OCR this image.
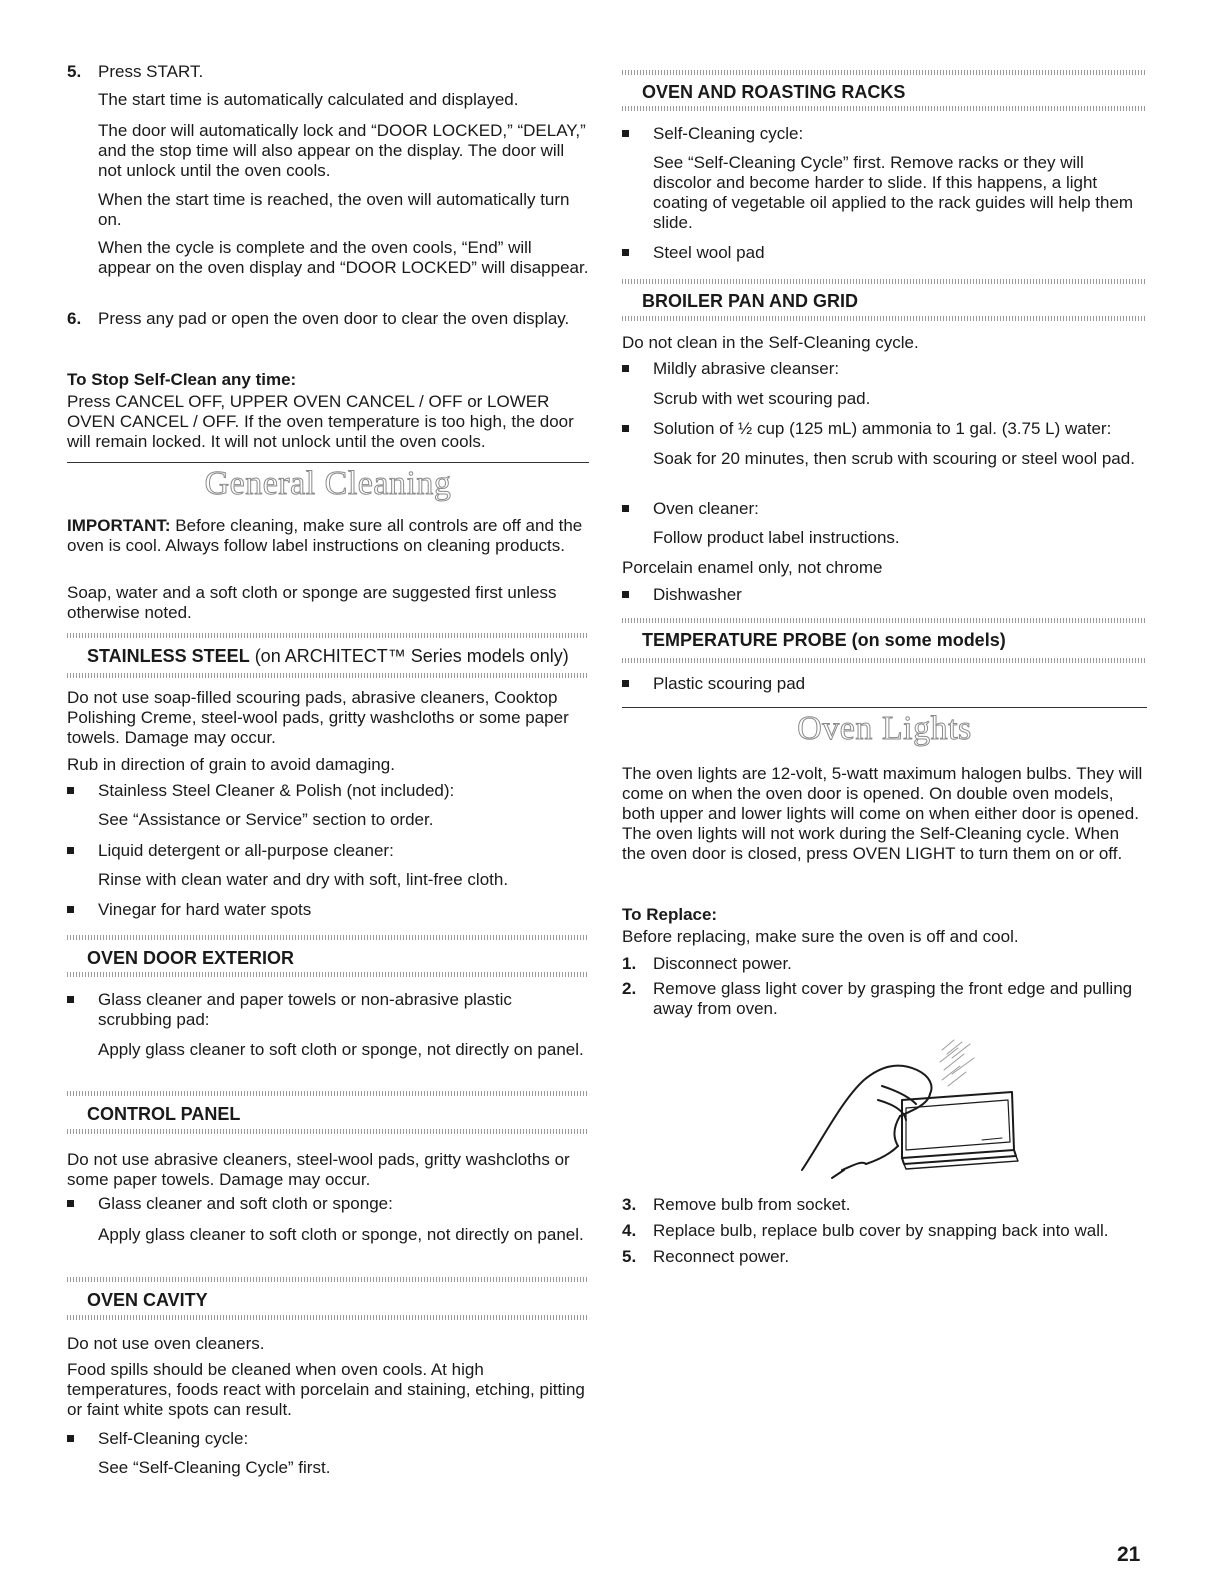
5. Press START.

The start time is automatically calculated and displayed.

The door will automatically lock and “DOOR LOCKED,” “DELAY,” and the stop time will also appear on the display. The door will not unlock until the oven cools.

When the start time is reached, the oven will automatically turn on.

When the cycle is complete and the oven cools, “End” will appear on the oven display and “DOOR LOCKED” will disappear.

6. Press any pad or open the oven door to clear the oven display.

To Stop Self-Clean any time:

Press CANCEL OFF, UPPER OVEN CANCEL / OFF or LOWER OVEN CANCEL / OFF. If the oven temperature is too high, the door will remain locked. It will not unlock until the oven cools.

General Cleaning

IMPORTANT: Before cleaning, make sure all controls are off and the oven is cool. Always follow label instructions on cleaning products.

Soap, water and a soft cloth or sponge are suggested first unless otherwise noted.

STAINLESS STEEL (on ARCHITECT™ Series models only)

Do not use soap-filled scouring pads, abrasive cleaners, Cooktop Polishing Creme, steel-wool pads, gritty washcloths or some paper towels. Damage may occur.

Rub in direction of grain to avoid damaging.

Stainless Steel Cleaner & Polish (not included):

See “Assistance or Service” section to order.

Liquid detergent or all-purpose cleaner:

Rinse with clean water and dry with soft, lint-free cloth.

Vinegar for hard water spots

OVEN DOOR EXTERIOR

Glass cleaner and paper towels or non-abrasive plastic scrubbing pad:

Apply glass cleaner to soft cloth or sponge, not directly on panel.

CONTROL PANEL

Do not use abrasive cleaners, steel-wool pads, gritty washcloths or some paper towels. Damage may occur.

Glass cleaner and soft cloth or sponge:

Apply glass cleaner to soft cloth or sponge, not directly on panel.

OVEN CAVITY

Do not use oven cleaners.

Food spills should be cleaned when oven cools. At high temperatures, foods react with porcelain and staining, etching, pitting or faint white spots can result.

Self-Cleaning cycle:

See “Self-Cleaning Cycle” first.

OVEN AND ROASTING RACKS

Self-Cleaning cycle:

See “Self-Cleaning Cycle” first. Remove racks or they will discolor and become harder to slide. If this happens, a light coating of vegetable oil applied to the rack guides will help them slide.

Steel wool pad

BROILER PAN AND GRID

Do not clean in the Self-Cleaning cycle.

Mildly abrasive cleanser:

Scrub with wet scouring pad.

Solution of ½ cup (125 mL) ammonia to 1 gal. (3.75 L) water:

Soak for 20 minutes, then scrub with scouring or steel wool pad.

Oven cleaner:

Follow product label instructions.

Porcelain enamel only, not chrome

Dishwasher

TEMPERATURE PROBE (on some models)

Plastic scouring pad

Oven Lights

The oven lights are 12-volt, 5-watt maximum halogen bulbs. They will come on when the oven door is opened. On double oven models, both upper and lower lights will come on when either door is opened. The oven lights will not work during the Self-Cleaning cycle. When the oven door is closed, press OVEN LIGHT to turn them on or off.

To Replace:

Before replacing, make sure the oven is off and cool.

1. Disconnect power.

2. Remove glass light cover by grasping the front edge and pulling away from oven.

3. Remove bulb from socket.

4. Replace bulb, replace bulb cover by snapping back into wall.

5. Reconnect power.

21
